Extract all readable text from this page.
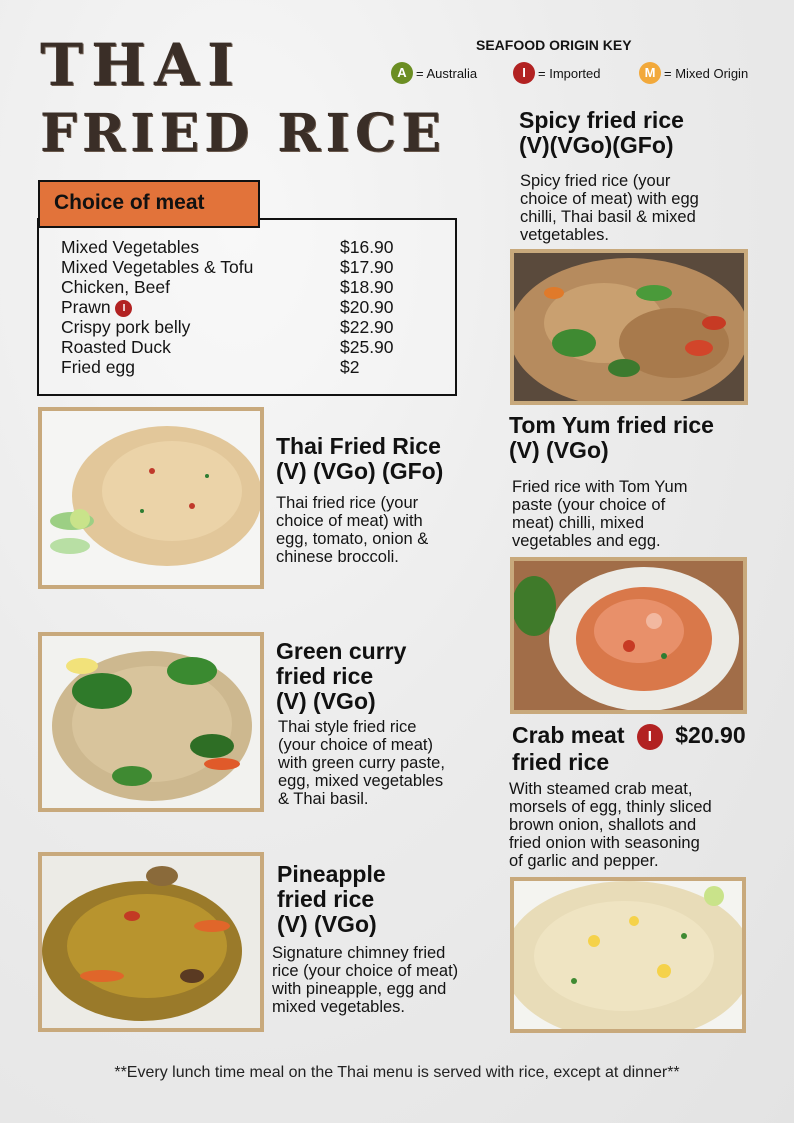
THAI
FRIED RICE
SEAFOOD ORIGIN KEY
A = Australia	I = Imported	M = Mixed Origin
Choice of meat
Mixed Vegetables	$16.90
Mixed Vegetables & Tofu	$17.90
Chicken, Beef	$18.90
Prawn I	$20.90
Crispy pork belly	$22.90
Roasted Duck	$25.90
Fried egg	$2
Spicy fried rice
(V)(VGo)(GFo)
Spicy fried rice (your
choice of meat) with egg
chilli, Thai basil & mixed
vetgetables.
Thai Fried Rice
(V) (VGo) (GFo)
Thai fried rice (your
choice of meat) with
egg, tomato, onion &
chinese broccoli.
Tom Yum fried rice
(V) (VGo)
Fried rice with Tom Yum
paste (your choice of
meat) chilli, mixed
vegetables and egg.
Green curry
fried rice
(V) (VGo)
Thai style fried rice
(your choice of meat)
with green curry paste,
egg, mixed vegetables
& Thai basil.
Crab meat I $20.90
fried rice
With steamed crab meat,
morsels of egg, thinly sliced
brown onion, shallots and
fried onion with seasoning
of garlic and pepper.
Pineapple
fried rice
(V) (VGo)
Signature chimney fried
rice (your choice of meat)
with pineapple, egg and
mixed vegetables.
**Every lunch time meal on the Thai menu is served with rice, except at dinner**
